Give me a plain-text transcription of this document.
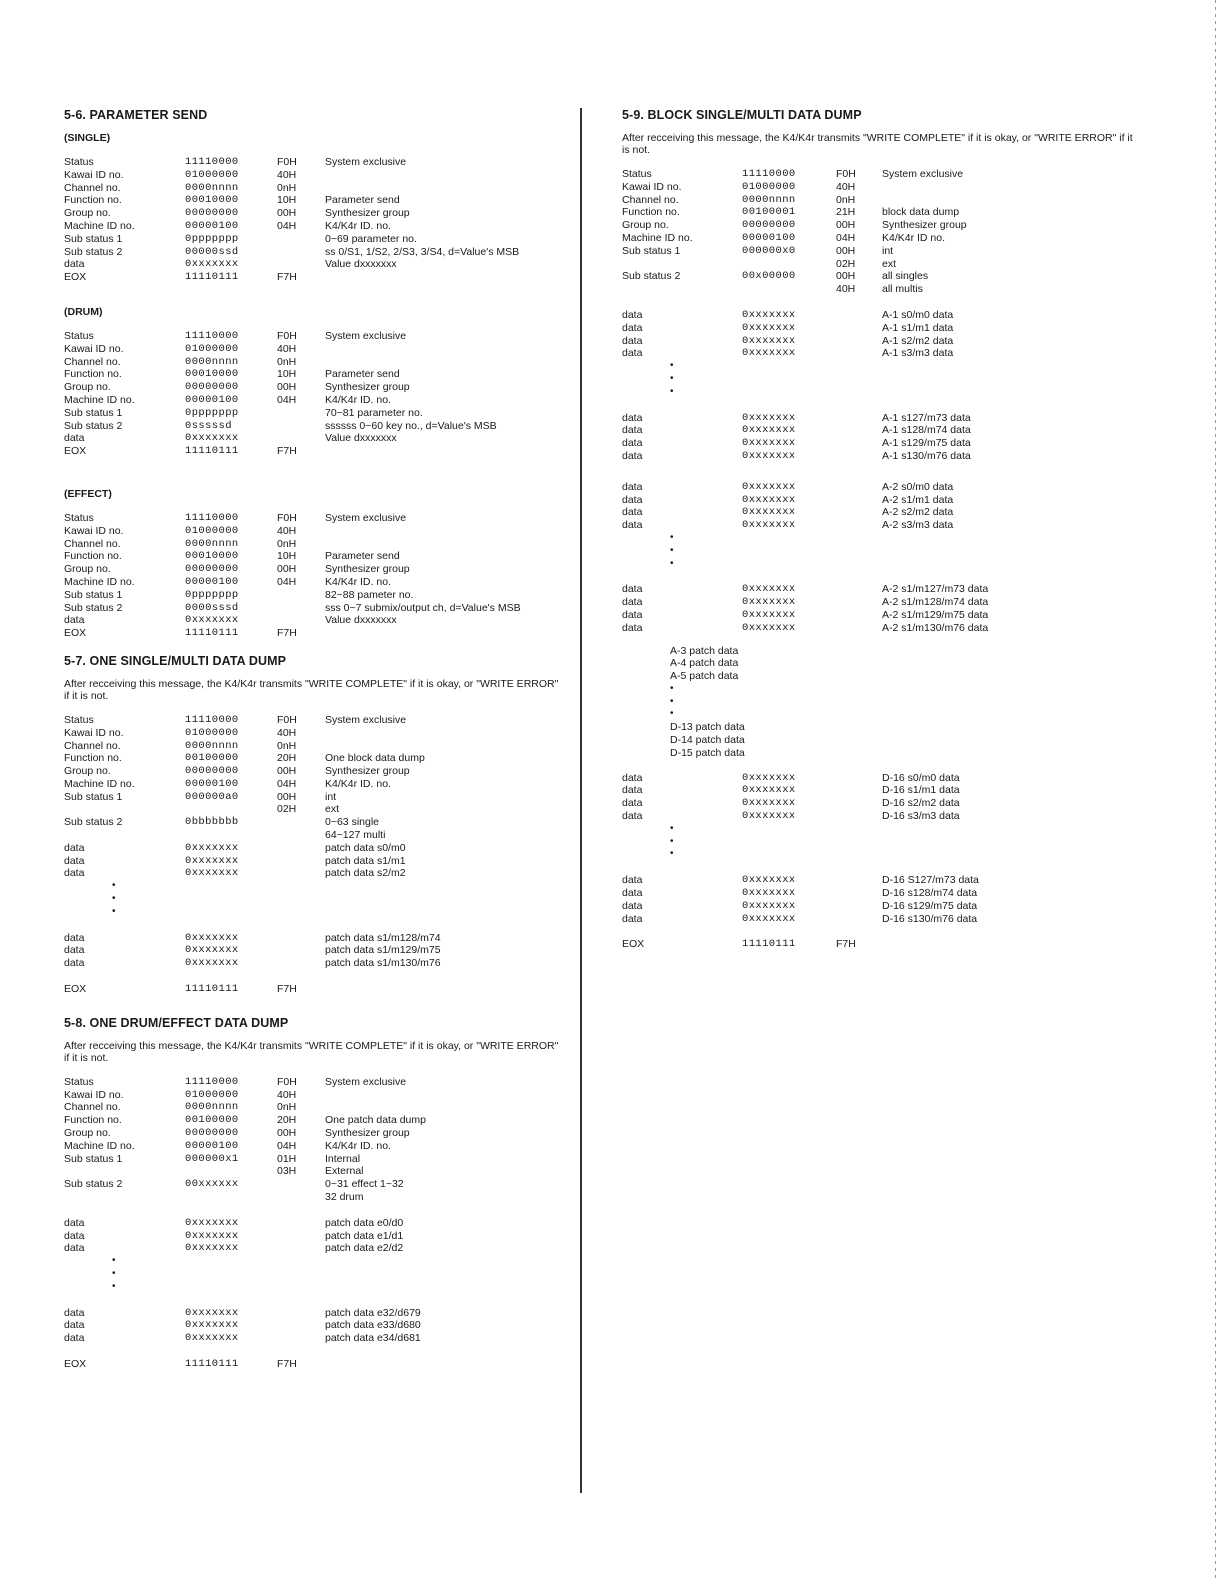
5-6. PARAMETER SEND
(SINGLE)
Status	11110000	F0H	System exclusive
Kawai ID no.	01000000	40H	
Channel no.	0000nnnn	0nH	
Function no.	00010000	10H	Parameter send
Group no.	00000000	00H	Synthesizer group
Machine ID no.	00000100	04H	K4/K4r ID. no.
Sub status 1	0ppppppp		0~69 parameter no.
Sub status 2	00000ssd		ss 0/S1, 1/S2, 2/S3, 3/S4, d=Value's MSB
data	0xxxxxxx		Value dxxxxxxx
EOX	11110111	F7H	
(DRUM)
Status	11110000	F0H	System exclusive
Kawai ID no.	01000000	40H	
Channel no.	0000nnnn	0nH	
Function no.	00010000	10H	Parameter send
Group no.	00000000	00H	Synthesizer group
Machine ID no.	00000100	04H	K4/K4r ID. no.
Sub status 1	0ppppppp		70~81 parameter no.
Sub status 2	0sssssd		ssssss 0~60 key no., d=Value's MSB
data	0xxxxxxx		Value dxxxxxxx
EOX	11110111	F7H	
(EFFECT)
Status	11110000	F0H	System exclusive
Kawai ID no.	01000000	40H	
Channel no.	0000nnnn	0nH	
Function no.	00010000	10H	Parameter send
Group no.	00000000	00H	Synthesizer group
Machine ID no.	00000100	04H	K4/K4r ID. no.
Sub status 1	0ppppppp		82~88 pameter no.
Sub status 2	0000sssd		sss 0~7 submix/output ch, d=Value's MSB
data	0xxxxxxx		Value dxxxxxxx
EOX	11110111	F7H	
5-7. ONE SINGLE/MULTI DATA DUMP

After recceiving this message, the K4/K4r transmits "WRITE COMPLETE" if it is okay, or "WRITE ERROR" if it is not.

Status	11110000	F0H	System exclusive
Kawai ID no.	01000000	40H	
Channel no.	0000nnnn	0nH	
Function no.	00100000	20H	One block data dump
Group no.	00000000	00H	Synthesizer group
Machine ID no.	00000100	04H	K4/K4r ID. no.
Sub status 1	000000a0	00H	int
		02H	ext
Sub status 2	0bbbbbbb		0~63 single
			64~127 multi
data	0xxxxxxx		patch data s0/m0
data	0xxxxxxx		patch data s1/m1
data	0xxxxxxx		patch data s2/m2
•
•
•
data	0xxxxxxx		patch data s1/m128/m74
data	0xxxxxxx		patch data s1/m129/m75
data	0xxxxxxx		patch data s1/m130/m76
EOX	11110111	F7H	
5-8. ONE DRUM/EFFECT DATA DUMP

After recceiving this message, the K4/K4r transmits "WRITE COMPLETE" if it is okay, or "WRITE ERROR" if it is not.

Status	11110000	F0H	System exclusive
Kawai ID no.	01000000	40H	
Channel no.	0000nnnn	0nH	
Function no.	00100000	20H	One patch data dump
Group no.	00000000	00H	Synthesizer group
Machine ID no.	00000100	04H	K4/K4r ID. no.
Sub status 1	000000x1	01H	Internal
		03H	External
Sub status 2	00xxxxxx		0~31 effect 1~32
			32 drum
data	0xxxxxxx		patch data e0/d0
data	0xxxxxxx		patch data e1/d1
data	0xxxxxxx		patch data e2/d2
•
•
•
data	0xxxxxxx		patch data e32/d679
data	0xxxxxxx		patch data e33/d680
data	0xxxxxxx		patch data e34/d681
EOX	11110111	F7H	
5-9. BLOCK SINGLE/MULTI DATA DUMP

After recceiving this message, the K4/K4r transmits "WRITE COMPLETE" if it is okay, or "WRITE ERROR" if it is not.

Status	11110000	F0H	System exclusive
Kawai ID no.	01000000	40H	
Channel no.	0000nnnn	0nH	
Function no.	00100001	21H	block data dump
Group no.	00000000	00H	Synthesizer group
Machine ID no.	00000100	04H	K4/K4r ID no.
Sub status 1	000000x0	00H	int
		02H	ext
Sub status 2	00x00000	00H	all singles
		40H	all multis
data	0xxxxxxx		A-1 s0/m0 data
data	0xxxxxxx		A-1 s1/m1 data
data	0xxxxxxx		A-1 s2/m2 data
data	0xxxxxxx		A-1 s3/m3 data
•
•
•
data	0xxxxxxx		A-1 s127/m73 data
data	0xxxxxxx		A-1 s128/m74 data
data	0xxxxxxx		A-1 s129/m75 data
data	0xxxxxxx		A-1 s130/m76 data
data	0xxxxxxx		A-2 s0/m0 data
data	0xxxxxxx		A-2 s1/m1 data
data	0xxxxxxx		A-2 s2/m2 data
data	0xxxxxxx		A-2 s3/m3 data
•
•
•
data	0xxxxxxx		A-2 s1/m127/m73 data
data	0xxxxxxx		A-2 s1/m128/m74 data
data	0xxxxxxx		A-2 s1/m129/m75 data
data	0xxxxxxx		A-2 s1/m130/m76 data
A-3 patch data
A-4 patch data
A-5 patch data
•
•
•
D-13 patch data
D-14 patch data
D-15 patch data
data	0xxxxxxx		D-16 s0/m0 data
data	0xxxxxxx		D-16 s1/m1 data
data	0xxxxxxx		D-16 s2/m2 data
data	0xxxxxxx		D-16 s3/m3 data
•
•
•
data	0xxxxxxx		D-16 S127/m73 data
data	0xxxxxxx		D-16 s128/m74 data
data	0xxxxxxx		D-16 s129/m75 data
data	0xxxxxxx		D-16 s130/m76 data
EOX	11110111	F7H	
